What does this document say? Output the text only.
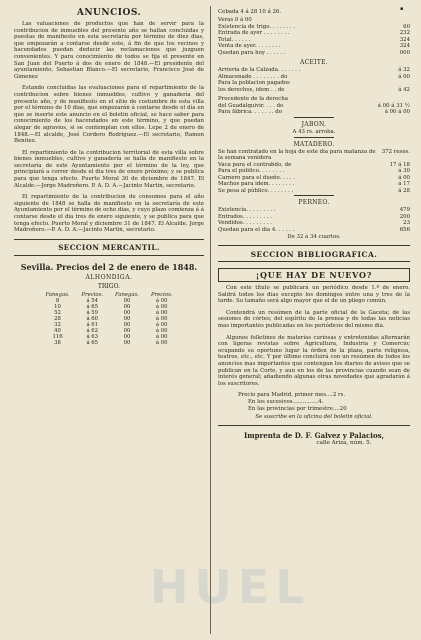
▪
ANUNCIOS.

Las valuaciones de productos que han de servir para la contribucion de inmuebles del presente año se hallan concluidas y puestas de manifiesto en esta secretaría por término de diez dias, que empezarán a contarse desde este, á fin de que los vecinos y hacendados puedan deducir las reclamaciones que juzguen convenientes. Y para conocimiento de todos se fija el presente en San Juan del Puerto á dos de enero de 1848.—El presidente del ayuntamiento, Sebastian Blanco.—El secretario, Francisco José de Gimenez

Estando concluidas las evaluaciones para el repartimiento de la contribucion sobre bienes inmuebles, cultivo y ganadería del presente año, y de manifiesto en el sitio de costumbre de esta villa por el término de 10 dias, que empezarán á contarse desde el día en que se inserte este anuncio en el boletin oficial, se hace saber para conocimiento de los hacendados en este término, y que puedan alegar de agravios, si se contemplan con ellos. Lepe 2 de enero de 1848.—El alcalde, José Cordero Rodriguez.—El secretario, Ramon Benitez.

El repartimiento de la contribucion territorial de esta villa sobre bienes inmuebles, cultivo y ganadería se halla de manifiesto en la secretaría de este Ayuntamiento por el término de la ley, que principiará a correr desde el dia tres de enero próximo; y se publica para que tenga efecto. Puerto Moral 30 de diciembre de 1847. El Alcalde.—Jorge Madroñero. P. A. D. A.—Jacinto Martin, secretario.

El repartimiento de la contribucion de consumos para el año siguiente de 1848 se halla de manifiesto en la secretaría de este Ayuntamiento por el término de ocho dias, y cuyo plazo comienza á á contarse desde el dia tres de enero siguiente, y se publica para que tenga efecto. Puerto Moral y diciembre 31 de 1847. El Alcalde. Jorge Madroñero.—P. A. D. A.—Jacinto Martin, secretario.

SECCION MERCANTIL.
Sevilla. Precios del 2 de enero de 1848.
ALHONDIGA.
TRIGO.
Fanegas.	Precios.	Fanegas.	Precios.
8	á 54	00	á 00
10	á 65	00	á 00
52	á 59	00	á 00
28	á 60	00	á 00
32	á 61	00	á 00
40	á 62	00	á 00
116	á 63	00	á 00
38	á 65	00	á 00
Cebada 4 á 28 10 á 26.
Veras 0 á 00	
Existencia de trigo. . . . . . . .	60
Entrada de ayer . . . . . . . .	232
Total. . . . . .	324
Venta de ayer. . . . . . . .	324
Quedan para hoy . . . . . .	000
ACEITE.
Arrieria de la Calzada. . . . . . .	á 32
Almacenado . . . . . . . . do	á 00
Para la poblacion pagados	
los derechos, idem . . de	á 42
Procedente de la derecha	
del Guadalquivir. . . . do	á 00 á 31 ½
Para fábrica. . . . . . . do	á 00 á 00
JABON.
A 43 rs. arroba.
MATADERO.
Se han contratado en la hoja de este dia para matanza de la semana venidera	372 reses.
Vaca para el contrabdo, de	17 á 18
Para el público. . . . . . . .	á 30
Carnero para el dueño. . . . .	á 00
Machos para idem. . . . . . . .	á 17
Se pesa al público. . . . . . . .	á 28
PERNEO.
Existencia. . . . . . . . .	479
Entrados. . . . . . . . .	200
Vendidos. . . . . . . . .	23
Quedan para el dia 4. . . . . .	656
De 32 á 34 cuartos.
SECCION BIBLIOGRAFICA.
¡QUE HAY DE NUEVO?

Con este título se publicará un periódico desde 1.º de enero. Saldrá todos los dias excepto los domingos entre una y tres de la tarde. Su tamaño será algo mayor que el de un pliego común.

Contendrá un resúmen de la parte oficial de la Gaceta; de las sesiones de córtes; del espíritu de la prensa y de todas las noticias mas importantes publicadas en los periódicos del mismo dia.

Algunos folletines de materias curiosas y entretenidas alternarán con ligeras revistas sobre Agricultura, Industria y Comercio; ocupando su oportuno lugar la órden de la plaza, parte religiosa, teatros, etc., etc. Y por último concluirá con un resúmen de todos los anuncios mas importantes que contengan los diarios de avisos que se publican en la Corte, y aun en los de las provincias cuando sean de interés general; añadiendo algunas otras novedades que agradarán á los suscritores.

Precio para Madrid, primer mes....2 rs.

En los sucesivos...............4.

En las provincias por trimestre....20

Se suscribe en la oficina del boletin oficial.
Imprenta de D. F. Galvez y Palacios,
calle Ariza, núm. 5.
HUEL
